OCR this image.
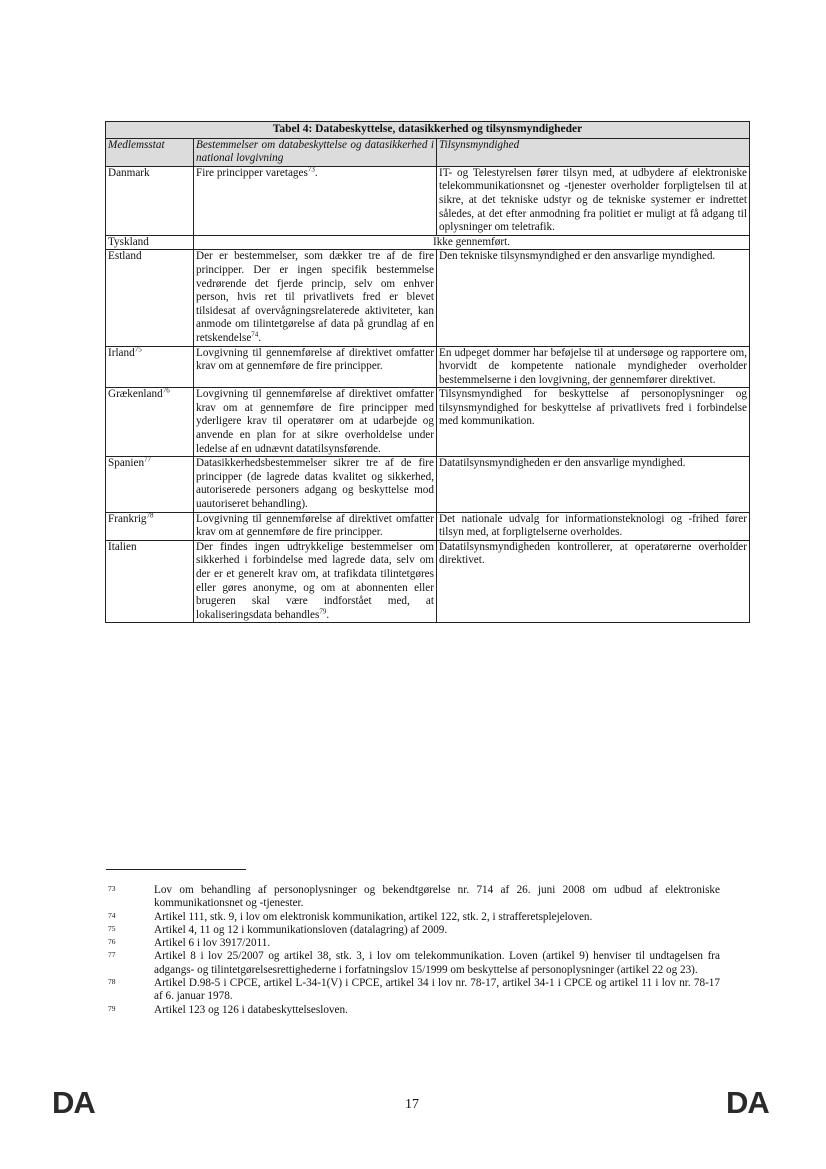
Tabel 4: Databeskyttelse, datasikkerhed og tilsynsmyndigheder		
Medlemsstat	Bestemmelser om databeskyttelse og datasikkerhed i national lovgivning	Tilsynsmyndighed
Danmark	Fire principper varetages$^{73}$.	IT- og Telestyrelsen fører tilsyn med, at udbydere af elektroniske telekommunikationsnet og -tjenester overholder forpligtelsen til at sikre, at det tekniske udstyr og de tekniske systemer er indrettet således, at det efter anmodning fra politiet er muligt at få adgang til oplysninger om teletrafik.
Tyskland	Ikke gennemført.	
Estland	Der er bestemmelser, som dækker tre af de fire principper. Der er ingen specifik bestemmelse vedrørende det fjerde princip, selv om enhver person, hvis ret til privatlivets fred er blevet tilsidesat af overvågningsrelaterede aktiviteter, kan anmode om tilintetgørelse af data på grundlag af en retskendelse$^{74}$.	Den tekniske tilsynsmyndighed er den ansvarlige myndighed.
Irland$^{75}$	Lovgivning til gennemførelse af direktivet omfatter krav om at gennemføre de fire principper.	En udpeget dommer har beføjelse til at undersøge og rapportere om, hvorvidt de kompetente nationale myndigheder overholder bestemmelserne i den lovgivning, der gennemfører direktivet.
Grækenland$^{76}$	Lovgivning til gennemførelse af direktivet omfatter krav om at gennemføre de fire principper med yderligere krav til operatører om at udarbejde og anvende en plan for at sikre overholdelse under ledelse af en udnævnt datatilsynsførende.	Tilsynsmyndighed for beskyttelse af personoplysninger og tilsynsmyndighed for beskyttelse af privatlivets fred i forbindelse med kommunikation.
Spanien$^{77}$	Datasikkerhedsbestemmelser sikrer tre af de fire principper (de lagrede datas kvalitet og sikkerhed, autoriserede personers adgang og beskyttelse mod uautoriseret behandling).	Datatilsynsmyndigheden er den ansvarlige myndighed.
Frankrig$^{78}$	Lovgivning til gennemførelse af direktivet omfatter krav om at gennemføre de fire principper.	Det nationale udvalg for informationsteknologi og -frihed fører tilsyn med, at forpligtelserne overholdes.
Italien	Der findes ingen udtrykkelige bestemmelser om sikkerhed i forbindelse med lagrede data, selv om der er et generelt krav om, at trafikdata tilintetgøres eller gøres anonyme, og om at abonnenten eller brugeren skal være indforstået med, at lokaliseringsdata behandles$^{79}$.	Datatilsynsmyndigheden kontrollerer, at operatørerne overholder direktivet.
73	Lov om behandling af personoplysninger og bekendtgørelse nr. 714 af 26. juni 2008 om udbud af elektroniske kommunikationsnet og -tjenester.
74	Artikel 111, stk. 9, i lov om elektronisk kommunikation, artikel 122, stk. 2, i strafferetsplejeloven.
75	Artikel 4, 11 og 12 i kommunikationsloven (datalagring) af 2009.
76	Artikel 6 i lov 3917/2011.
77	Artikel 8 i lov 25/2007 og artikel 38, stk. 3, i lov om telekommunikation. Loven (artikel 9) henviser til undtagelsen fra adgangs- og tilintetgørelsesrettighederne i forfatningslov 15/1999 om beskyttelse af personoplysninger (artikel 22 og 23).
78	Artikel D.98-5 i CPCE, artikel L-34-1(V) i CPCE, artikel 34 i lov nr. 78-17, artikel 34-1 i CPCE og artikel 11 i lov nr. 78-17 af 6. januar 1978.
79	Artikel 123 og 126 i databeskyttelsesloven.
DA	17	DA
